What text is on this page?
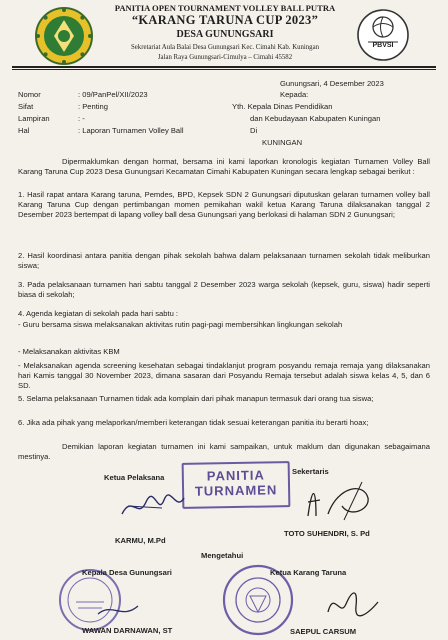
PBVSI
PANITIA OPEN TOURNAMENT VOLLEY BALL PUTRA
“KARANG TARUNA CUP 2023”
DESA GUNUNGSARI
Sekretariat Aula Balai Desa Gunungsari Kec. Cimahi Kab. Kuningan
Jalan Raya Gunungsari-Cimulya – Cimahi 45582
Gunungsari, 4 Desember 2023
Kepada:
Nomor	: 09/PanPel/XII/2023
Sifat	: Penting
Lampiran	: -
Hal	: Laporan Turnamen Volley Ball
Yth. Kepala Dinas Pendidikan
dan Kebudayaan Kabupaten Kuningan
Di
KUNINGAN
Dipermaklumkan dengan hormat, bersama ini kami laporkan kronologis kegiatan Turnamen Volley Ball Karang Taruna Cup 2023 Desa Gunungsari Kecamatan Cimahi Kabupaten Kuningan secara lengkap sebagai berikut :
1. Hasil rapat antara Karang taruna, Pemdes, BPD, Kepsek SDN 2 Gunungsari diputuskan gelaran turnamen volley ball Karang Taruna Cup dengan pertimbangan momen pemikahan wakil ketua Karang Taruna dilaksanakan tanggal 2 Desember 2023 bertempat di lapang volley ball desa Gunungsari yang berlokasi di halaman SDN 2 Gunungsari;
2. Hasil koordinasi antara panitia dengan pihak sekolah bahwa dalam pelaksanaan turnamen sekolah tidak meliburkan siswa;
3. Pada pelaksanaan turnamen hari sabtu tanggal 2 Desember 2023 warga sekolah (kepsek, guru, siswa) hadir seperti biasa di sekolah;
4. Agenda kegiatan di sekolah pada hari sabtu :
- Guru bersama siswa melaksanakan aktivitas rutin pagi-pagi membersihkan lingkungan sekolah
- Melaksanakan aktivitas KBM
- Melaksanakan agenda screening kesehatan sebagai tindaklanjut program posyandu remaja remaja yang dilaksanakan hari Kamis tanggal 30 November 2023, dimana sasaran dari Posyandu Remaja tersebut adalah siswa kelas 4, 5, dan 6 SD.
5. Selama pelaksanaan Turnamen tidak ada komplain dari pihak manapun termasuk dari orang tua siswa;
6. Jika ada pihak yang melaporkan/memberi keterangan tidak sesuai keterangan panitia itu berarti hoax;
Demikian laporan kegiatan turnamen ini kami sampaikan, untuk maklum dan digunakan sebagaimana mestinya.
Ketua Pelaksana
Sekertaris
PANITIA
TURNAMEN
KARMU, M.Pd
TOTO SUHENDRI, S. Pd
Mengetahui
Kepala Desa Gunungsari
WAWAN DARNAWAN, ST
Ketua Karang Taruna
SAEPUL CARSUM
